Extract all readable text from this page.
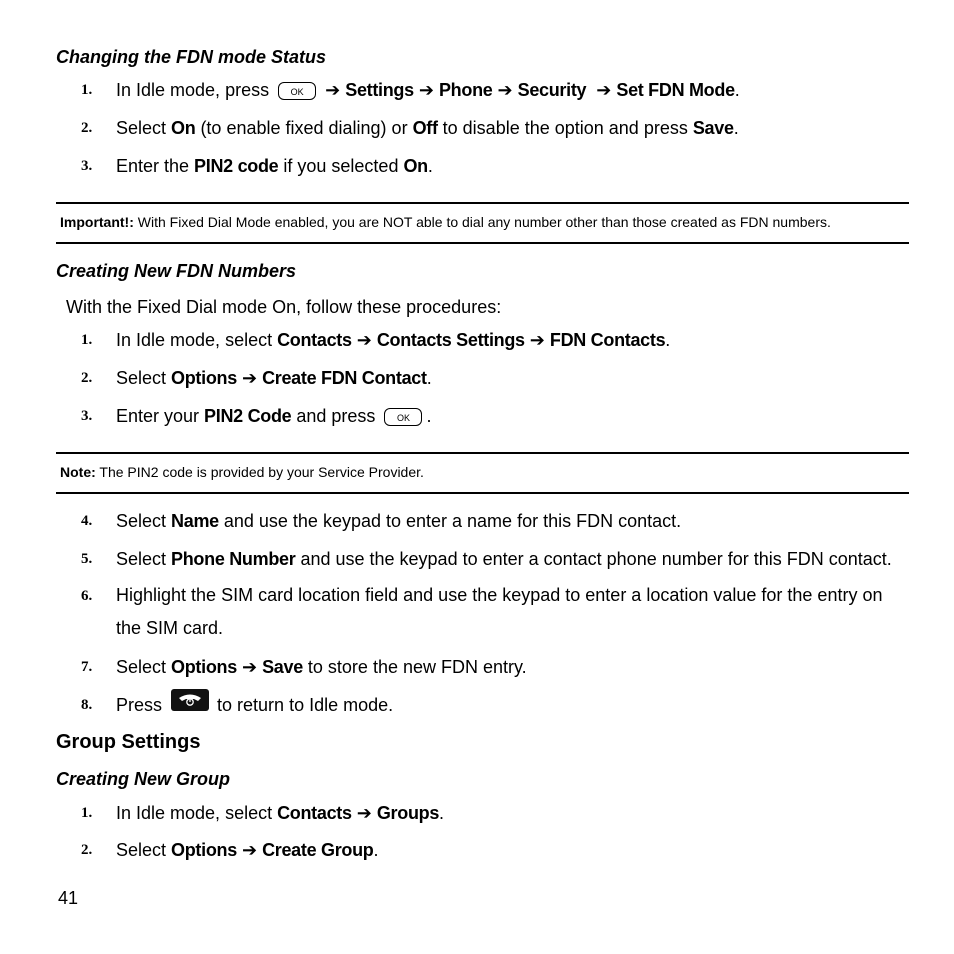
Changing the FDN mode Status
1. In Idle mode, press OK ➔ Settings ➔ Phone ➔ Security ➔ Set FDN Mode.
2. Select On (to enable fixed dialing) or Off to disable the option and press Save.
3. Enter the PIN2 code if you selected On.
Important!: With Fixed Dial Mode enabled, you are NOT able to dial any number other than those created as FDN numbers.
Creating New FDN Numbers
With the Fixed Dial mode On, follow these procedures:
1. In Idle mode, select Contacts ➔ Contacts Settings ➔ FDN Contacts.
2. Select Options ➔ Create FDN Contact.
3. Enter your PIN2 Code and press OK .
Note: The PIN2 code is provided by your Service Provider.
4. Select Name and use the keypad to enter a name for this FDN contact.
5. Select Phone Number and use the keypad to enter a contact phone number for this FDN contact.
6. Highlight the SIM card location field and use the keypad to enter a location value for the entry on the SIM card.
7. Select Options ➔ Save to store the new FDN entry.
8. Press	to return to Idle mode.
Group Settings
Creating New Group
1. In Idle mode, select Contacts ➔ Groups.
2. Select Options ➔ Create Group.
41
